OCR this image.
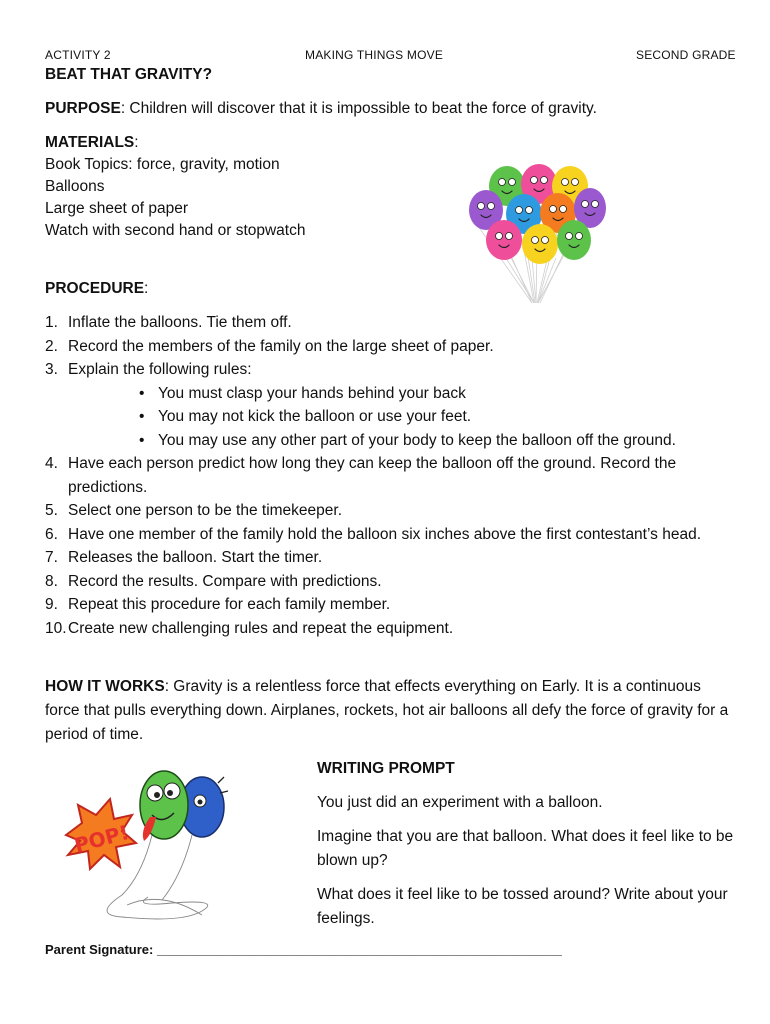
ACTIVITY 2	MAKING THINGS MOVE	SECOND GRADE
BEAT THAT GRAVITY?
PURPOSE: Children will discover that it is impossible to beat the force of gravity.
MATERIALS:
Book Topics: force, gravity, motion
Balloons
Large sheet of paper
Watch with second hand or stopwatch
PROCEDURE:
1. Inflate the balloons. Tie them off.
2. Record the members of the family on the large sheet of paper.
3. Explain the following rules:
• You must clasp your hands behind your back
• You may not kick the balloon or use your feet.
• You may use any other part of your body to keep the balloon off the ground.
4. Have each person predict how long they can keep the balloon off the ground. Record the predictions.
5. Select one person to be the timekeeper.
6. Have one member of the family hold the balloon six inches above the first contestant’s head.
7. Releases the balloon. Start the timer.
8. Record the results. Compare with predictions.
9. Repeat this procedure for each family member.
10. Create new challenging rules and repeat the equipment.
HOW IT WORKS: Gravity is a relentless force that effects everything on Early. It is a continuous force that pulls everything down. Airplanes, rockets, hot air balloons all defy the force of gravity for a period of time.
POP!
WRITING PROMPT
You just did an experiment with a balloon.
Imagine that you are that balloon. What does it feel like to be blown up?
What does it feel like to be tossed around? Write about your feelings.
Parent Signature: ________________________________________________________
